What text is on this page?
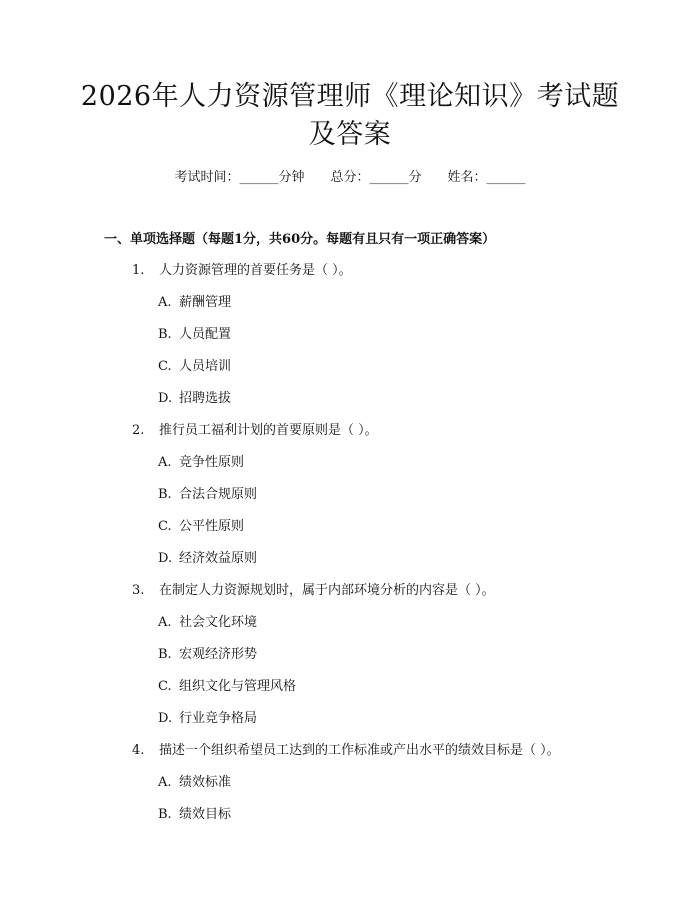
2026年人力资源管理师《理论知识》考试题
及答案
考试时间：______分钟 总分：______分 姓名：______
一、单项选择题（每题1分，共60分。每题有且只有一项正确答案）
1. 人力资源管理的首要任务是（ ）。
A. 薪酬管理
B. 人员配置
C. 人员培训
D. 招聘选拔
2. 推行员工福利计划的首要原则是（ ）。
A. 竞争性原则
B. 合法合规原则
C. 公平性原则
D. 经济效益原则
3. 在制定人力资源规划时，属于内部环境分析的内容是（ ）。
A. 社会文化环境
B. 宏观经济形势
C. 组织文化与管理风格
D. 行业竞争格局
4. 描述一个组织希望员工达到的工作标准或产出水平的绩效目标是（ ）。
A. 绩效标准
B. 绩效目标
